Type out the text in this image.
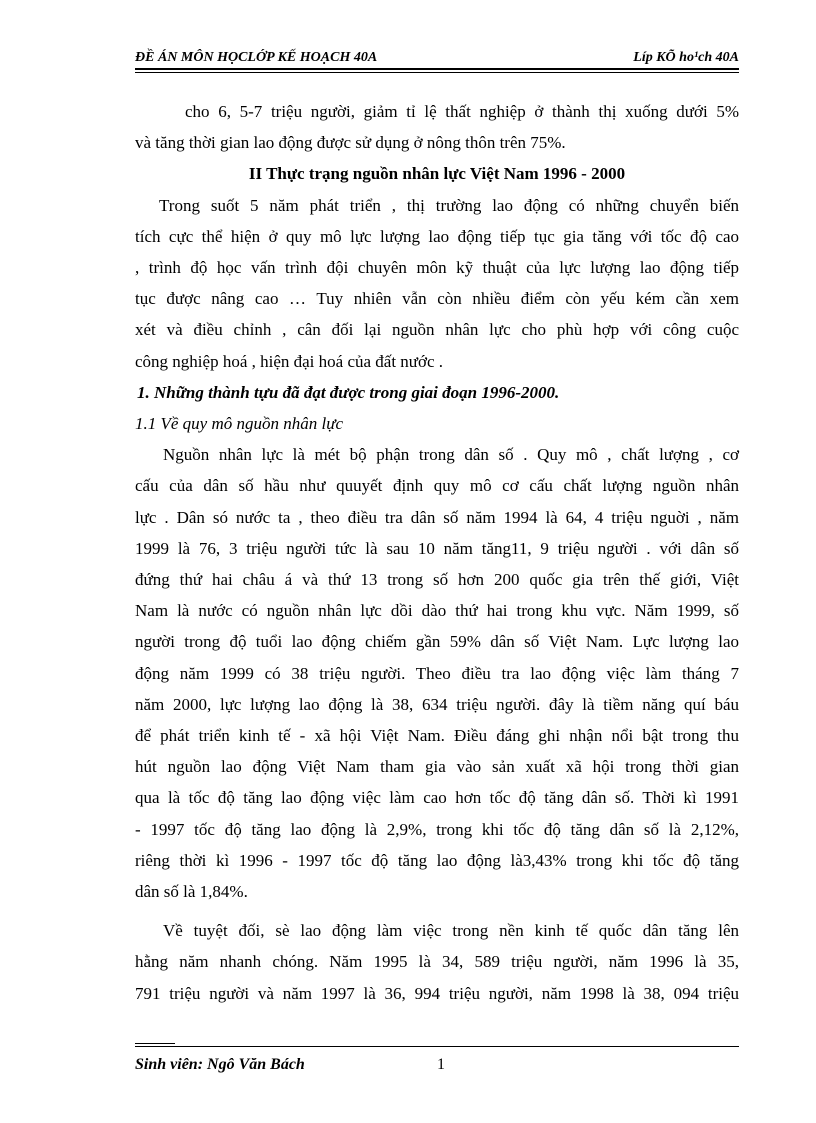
ĐỀ ÁN MÔN HỌCLỚP KẾ HOẠCH 40A	Líp KÕ ho¹ch 40A
cho 6, 5-7 triệu người, giảm tỉ lệ thất nghiệp ở thành thị xuống dưới 5%
và tăng thời gian lao động được sử dụng ở nông thôn trên 75%.

II Thực trạng nguồn nhân lực Việt Nam 1996 - 2000

Trong suốt 5 năm phát triển , thị trường lao động có những chuyển biến
tích cực thể hiện ở quy mô lực lượng lao động tiếp tục gia tăng với tốc độ cao
, trình độ học vấn trình đội chuyên môn kỹ thuật của lực lượng lao động tiếp
tục được nâng cao … Tuy nhiên vẫn còn nhiều điểm còn yếu kém cần xem
xét và điều chỉnh , cân đối lại nguồn nhân lực cho phù hợp với công cuộc
công nghiệp hoá , hiện đại hoá của đất nước .

1. Những thành tựu đã đạt được trong giai đoạn 1996-2000.

1.1 Về quy mô nguồn nhân lực

Nguồn nhân lực là mét bộ phận trong dân số . Quy mô , chất lượng , cơ
cấu của dân số hầu như quuyết định quy mô cơ cấu chất lượng nguồn nhân
lực . Dân só nước ta , theo điều tra dân số năm 1994 là 64, 4 triệu nguời , năm
1999 là 76, 3 triệu người tức là sau 10 năm tăng11, 9 triệu người . với dân số
đứng thứ hai châu á và thứ 13 trong số hơn 200 quốc gia trên thế giới, Việt
Nam là nước có nguồn nhân lực dồi dào thứ hai trong khu vực. Năm 1999, số
người trong độ tuổi lao động chiếm gần 59% dân số Việt Nam. Lực lượng lao
động năm 1999 có 38 triệu người. Theo điều tra lao động việc làm tháng 7
năm 2000, lực lượng lao động là 38, 634 triệu người. đây là tiềm năng quí báu
để phát triển kinh tế - xã hội Việt Nam. Điều đáng ghi nhận nổi bật trong thu
hút nguồn lao động Việt Nam tham gia vào sản xuất xã hội trong thời gian
qua là tốc độ tăng lao động việc làm cao hơn tốc độ tăng dân số. Thời kì 1991
- 1997 tốc độ tăng lao động là 2,9%, trong khi tốc độ tăng dân số là 2,12%,
riêng thời kì 1996 - 1997 tốc độ tăng lao động là3,43% trong khi tốc độ tăng
dân số là 1,84%.
Về tuyệt đối, sè lao động làm việc trong nền kinh tế quốc dân tăng lên
hằng năm nhanh chóng. Năm 1995 là 34, 589 triệu người, năm 1996 là 35,
791 triệu người và năm 1997 là 36, 994 triệu người, năm 1998 là 38, 094 triệu
Sinh viên: Ngô Văn Bách	1
